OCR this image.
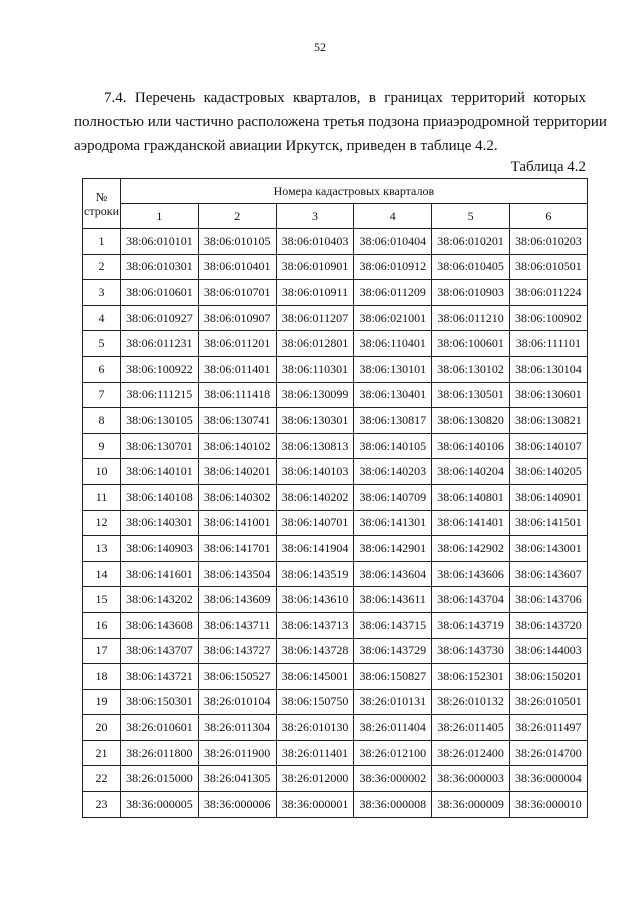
52
7.4. Перечень кадастровых кварталов, в границах территорий которых
полностью или частично расположена третья подзона приаэродромной территории
аэродрома гражданской авиации Иркутск, приведен в таблице 4.2.
Таблица 4.2
№
строки	Номера кадастровых кварталов					
	1	2	3	4	5	6
1	38:06:010101	38:06:010105	38:06:010403	38:06:010404	38:06:010201	38:06:010203
2	38:06:010301	38:06:010401	38:06:010901	38:06:010912	38:06:010405	38:06:010501
3	38:06:010601	38:06:010701	38:06:010911	38:06:011209	38:06:010903	38:06:011224
4	38:06:010927	38:06:010907	38:06:011207	38:06:021001	38:06:011210	38:06:100902
5	38:06:011231	38:06:011201	38:06:012801	38:06:110401	38:06:100601	38:06:111101
6	38:06:100922	38:06:011401	38:06:110301	38:06:130101	38:06:130102	38:06:130104
7	38:06:111215	38:06:111418	38:06:130099	38:06:130401	38:06:130501	38:06:130601
8	38:06:130105	38:06:130741	38:06:130301	38:06:130817	38:06:130820	38:06:130821
9	38:06:130701	38:06:140102	38:06:130813	38:06:140105	38:06:140106	38:06:140107
10	38:06:140101	38:06:140201	38:06:140103	38:06:140203	38:06:140204	38:06:140205
11	38:06:140108	38:06:140302	38:06:140202	38:06:140709	38:06:140801	38:06:140901
12	38:06:140301	38:06:141001	38:06:140701	38:06:141301	38:06:141401	38:06:141501
13	38:06:140903	38:06:141701	38:06:141904	38:06:142901	38:06:142902	38:06:143001
14	38:06:141601	38:06:143504	38:06:143519	38:06:143604	38:06:143606	38:06:143607
15	38:06:143202	38:06:143609	38:06:143610	38:06:143611	38:06:143704	38:06:143706
16	38:06:143608	38:06:143711	38:06:143713	38:06:143715	38:06:143719	38:06:143720
17	38:06:143707	38:06:143727	38:06:143728	38:06:143729	38:06:143730	38:06:144003
18	38:06:143721	38:06:150527	38:06:145001	38:06:150827	38:06:152301	38:06:150201
19	38:06:150301	38:26:010104	38:06:150750	38:26:010131	38:26:010132	38:26:010501
20	38:26:010601	38:26:011304	38:26:010130	38:26:011404	38:26:011405	38:26:011497
21	38:26:011800	38:26:011900	38:26:011401	38:26:012100	38:26:012400	38:26:014700
22	38:26:015000	38:26:041305	38:26:012000	38:36:000002	38:36:000003	38:36:000004
23	38:36:000005	38:36:000006	38:36:000001	38:36:000008	38:36:000009	38:36:000010
